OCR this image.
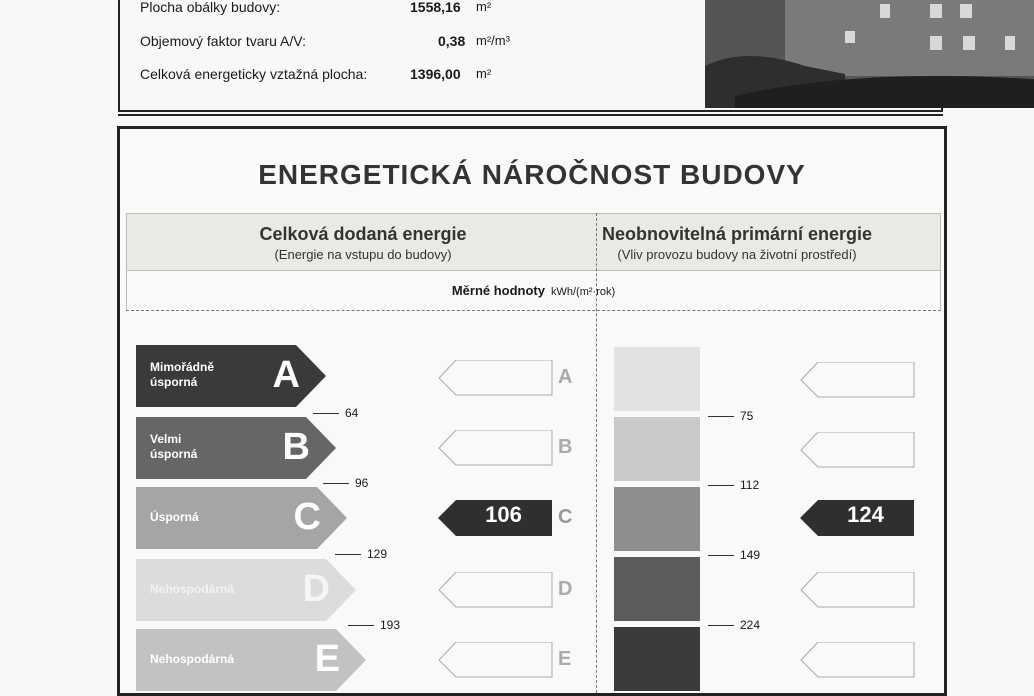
Plocha obálky budovy:	1558,16 m²
Objemový faktor tvaru A/V:	0,38 m²/m³
Celková energeticky vztažná plocha:	1396,00 m²
ENERGETICKÁ NÁROČNOST BUDOVY
Celková dodaná energie
(Energie na vstupu do budovy)
Neobnovitelná primární energie
(Vliv provozu budovy na životní prostředí)
Měrné hodnoty kWh/(m²·rok)
Mimořádně úsporná	A
64
Velmi úsporná B
96
Úsporná C
129
Nehospodárná D
193
Nehospodárná E
A
B
106	C
D
E
75
112
149
224
124
